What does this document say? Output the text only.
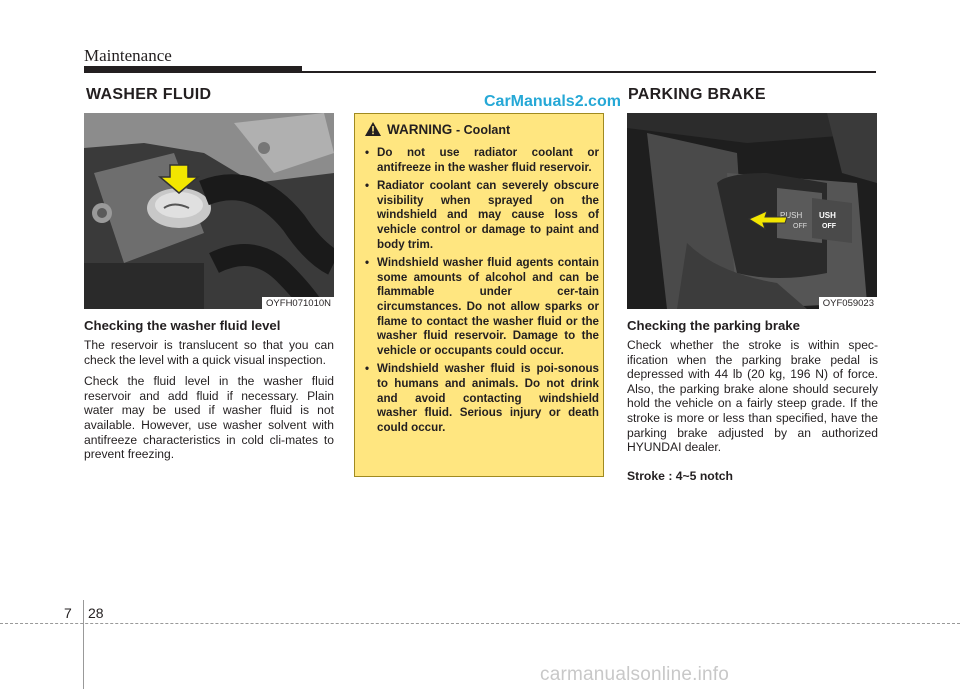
Maintenance
WASHER FLUID	CarManuals2.com
OYFH071010N
Checking the washer fluid level

The reservoir is translucent so that you can check the level with a quick visual inspection.

Check the fluid level in the washer fluid reservoir and add fluid if necessary. Plain water may be used if washer fluid is not available. However, use washer solvent with antifreeze characteristics in cold cli-mates to prevent freezing.

WARNING - Coolant
• Do not use radiator coolant or antifreeze in the washer fluid reservoir.
• Radiator coolant can severely obscure visibility when sprayed on the windshield and may cause loss of vehicle control or damage to paint and body trim.
• Windshield washer fluid agents contain some amounts of alcohol and can be flammable under cer-tain circumstances. Do not allow sparks or flame to contact the washer fluid or the washer fluid reservoir. Damage to the vehicle or occupants could occur.
• Windshield washer fluid is poi-sonous to humans and animals. Do not drink and avoid contacting windshield washer fluid. Serious injury or death could occur.
PARKING BRAKE
PUSH
OFF
USH
OFF
OYF059023
Checking the parking brake

Check whether the stroke is within spec-ification when the parking brake pedal is depressed with 44 lb (20 kg, 196 N) of force. Also, the parking brake alone should securely hold the vehicle on a fairly steep grade. If the stroke is more or less than specified, have the parking brake adjusted by an authorized HYUNDAI dealer.

Stroke : 4~5 notch
7 28
carmanualsonline.info
